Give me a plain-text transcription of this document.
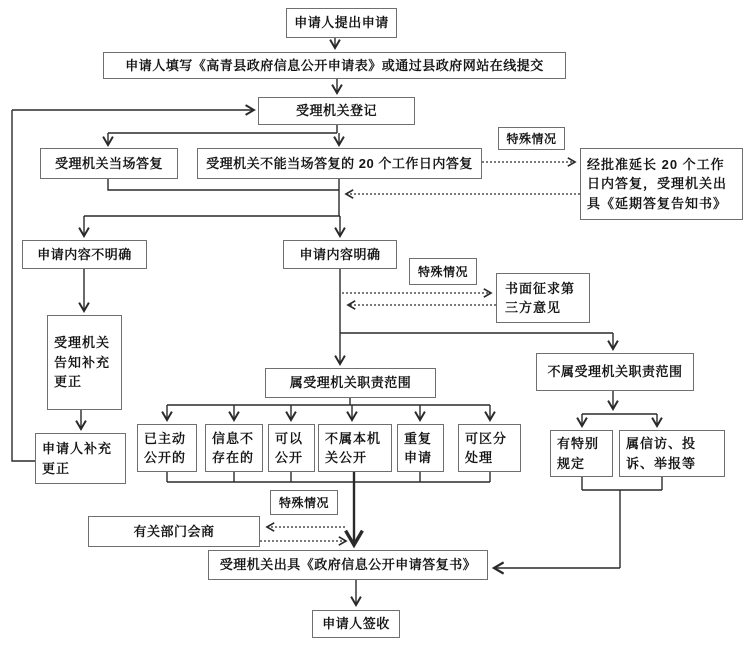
申请人提出申请
申请人填写《高青县政府信息公开申请表》或通过县政府网站在线提交
受理机关登记
受理机关当场答复	受理机关不能当场答复的 20 个工作日内答复
特殊情况
经批准延长 20 个工作日内答复，受理机关出具《延期答复告知书》
申请内容不明确	申请内容明确
特殊情况
书面征求第三方意见
受理机关告知补充更正
申请人补充更正
属受理机关职责范围
不属受理机关职责范围
已主动公开的
信息不存在的
可以公开
不属本机关公开
重复申请
可区分处理
有特别规定
属信访、投诉、举报等
特殊情况
有关部门会商
受理机关出具《政府信息公开申请答复书》
申请人签收
